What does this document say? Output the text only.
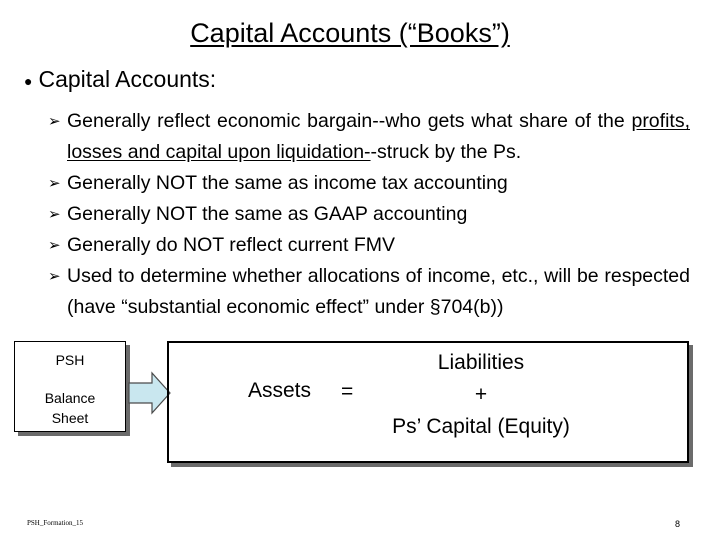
Capital Accounts (“Books”)
● Capital Accounts:
➢ Generally reflect economic bargain--who gets what share of the profits, losses and capital upon liquidation--struck by the Ps.
➢ Generally NOT the same as income tax accounting
➢ Generally NOT the same as GAAP accounting
➢ Generally do NOT reflect current FMV
➢ Used to determine whether allocations of income, etc., will be respected (have “substantial economic effect” under §704(b))
PSH
Balance
Sheet
Assets =
Liabilities
+
Ps’ Capital (Equity)
PSH_Formation_15	8
